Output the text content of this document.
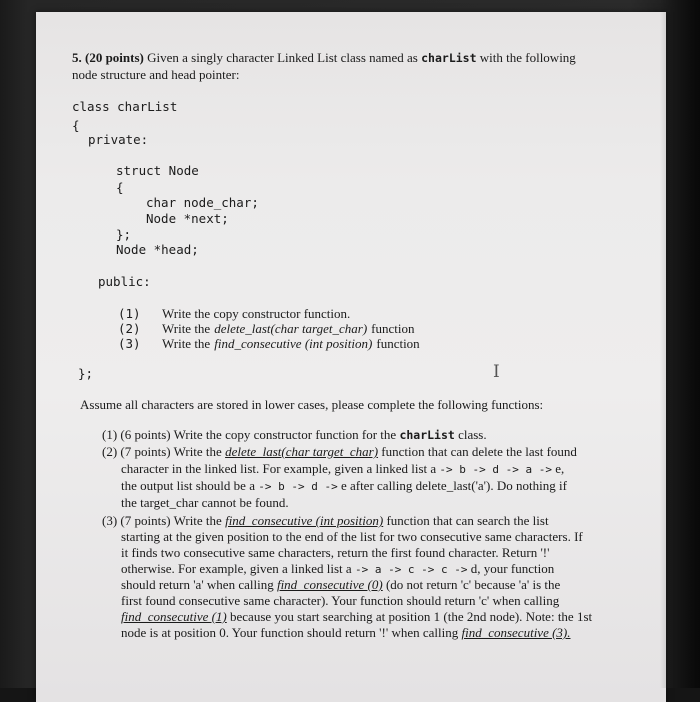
5. (20 points) Given a singly character Linked List class named as charList with the following
node structure and head pointer:
class charList
{
private:
struct Node
{
char node_char;
Node *next;
};
Node *head;
public:
(1) Write the copy constructor function.
(2) Write the delete_last(char target_char) function
(3) Write the find_consecutive (int position) function
};	I
Assume all characters are stored in lower cases, please complete the following functions:
(1) (6 points) Write the copy constructor function for the charList class.
(2) (7 points) Write the delete_last(char target_char) function that can delete the last found
character in the linked list. For example, given a linked list a -> b -> d -> a -> e,
the output list should be a -> b -> d -> e after calling delete_last('a'). Do nothing if
the target_char cannot be found.
(3) (7 points) Write the find_consecutive (int position) function that can search the list
starting at the given position to the end of the list for two consecutive same characters. If
it finds two consecutive same characters, return the first found character. Return '!'
otherwise. For example, given a linked list a -> a -> c -> c -> d, your function
should return 'a' when calling find_consecutive (0) (do not return 'c' because 'a' is the
first found consecutive same character). Your function should return 'c' when calling
find_consecutive (1) because you start searching at position 1 (the 2nd node). Note: the 1st
node is at position 0. Your function should return '!' when calling find_consecutive (3).
